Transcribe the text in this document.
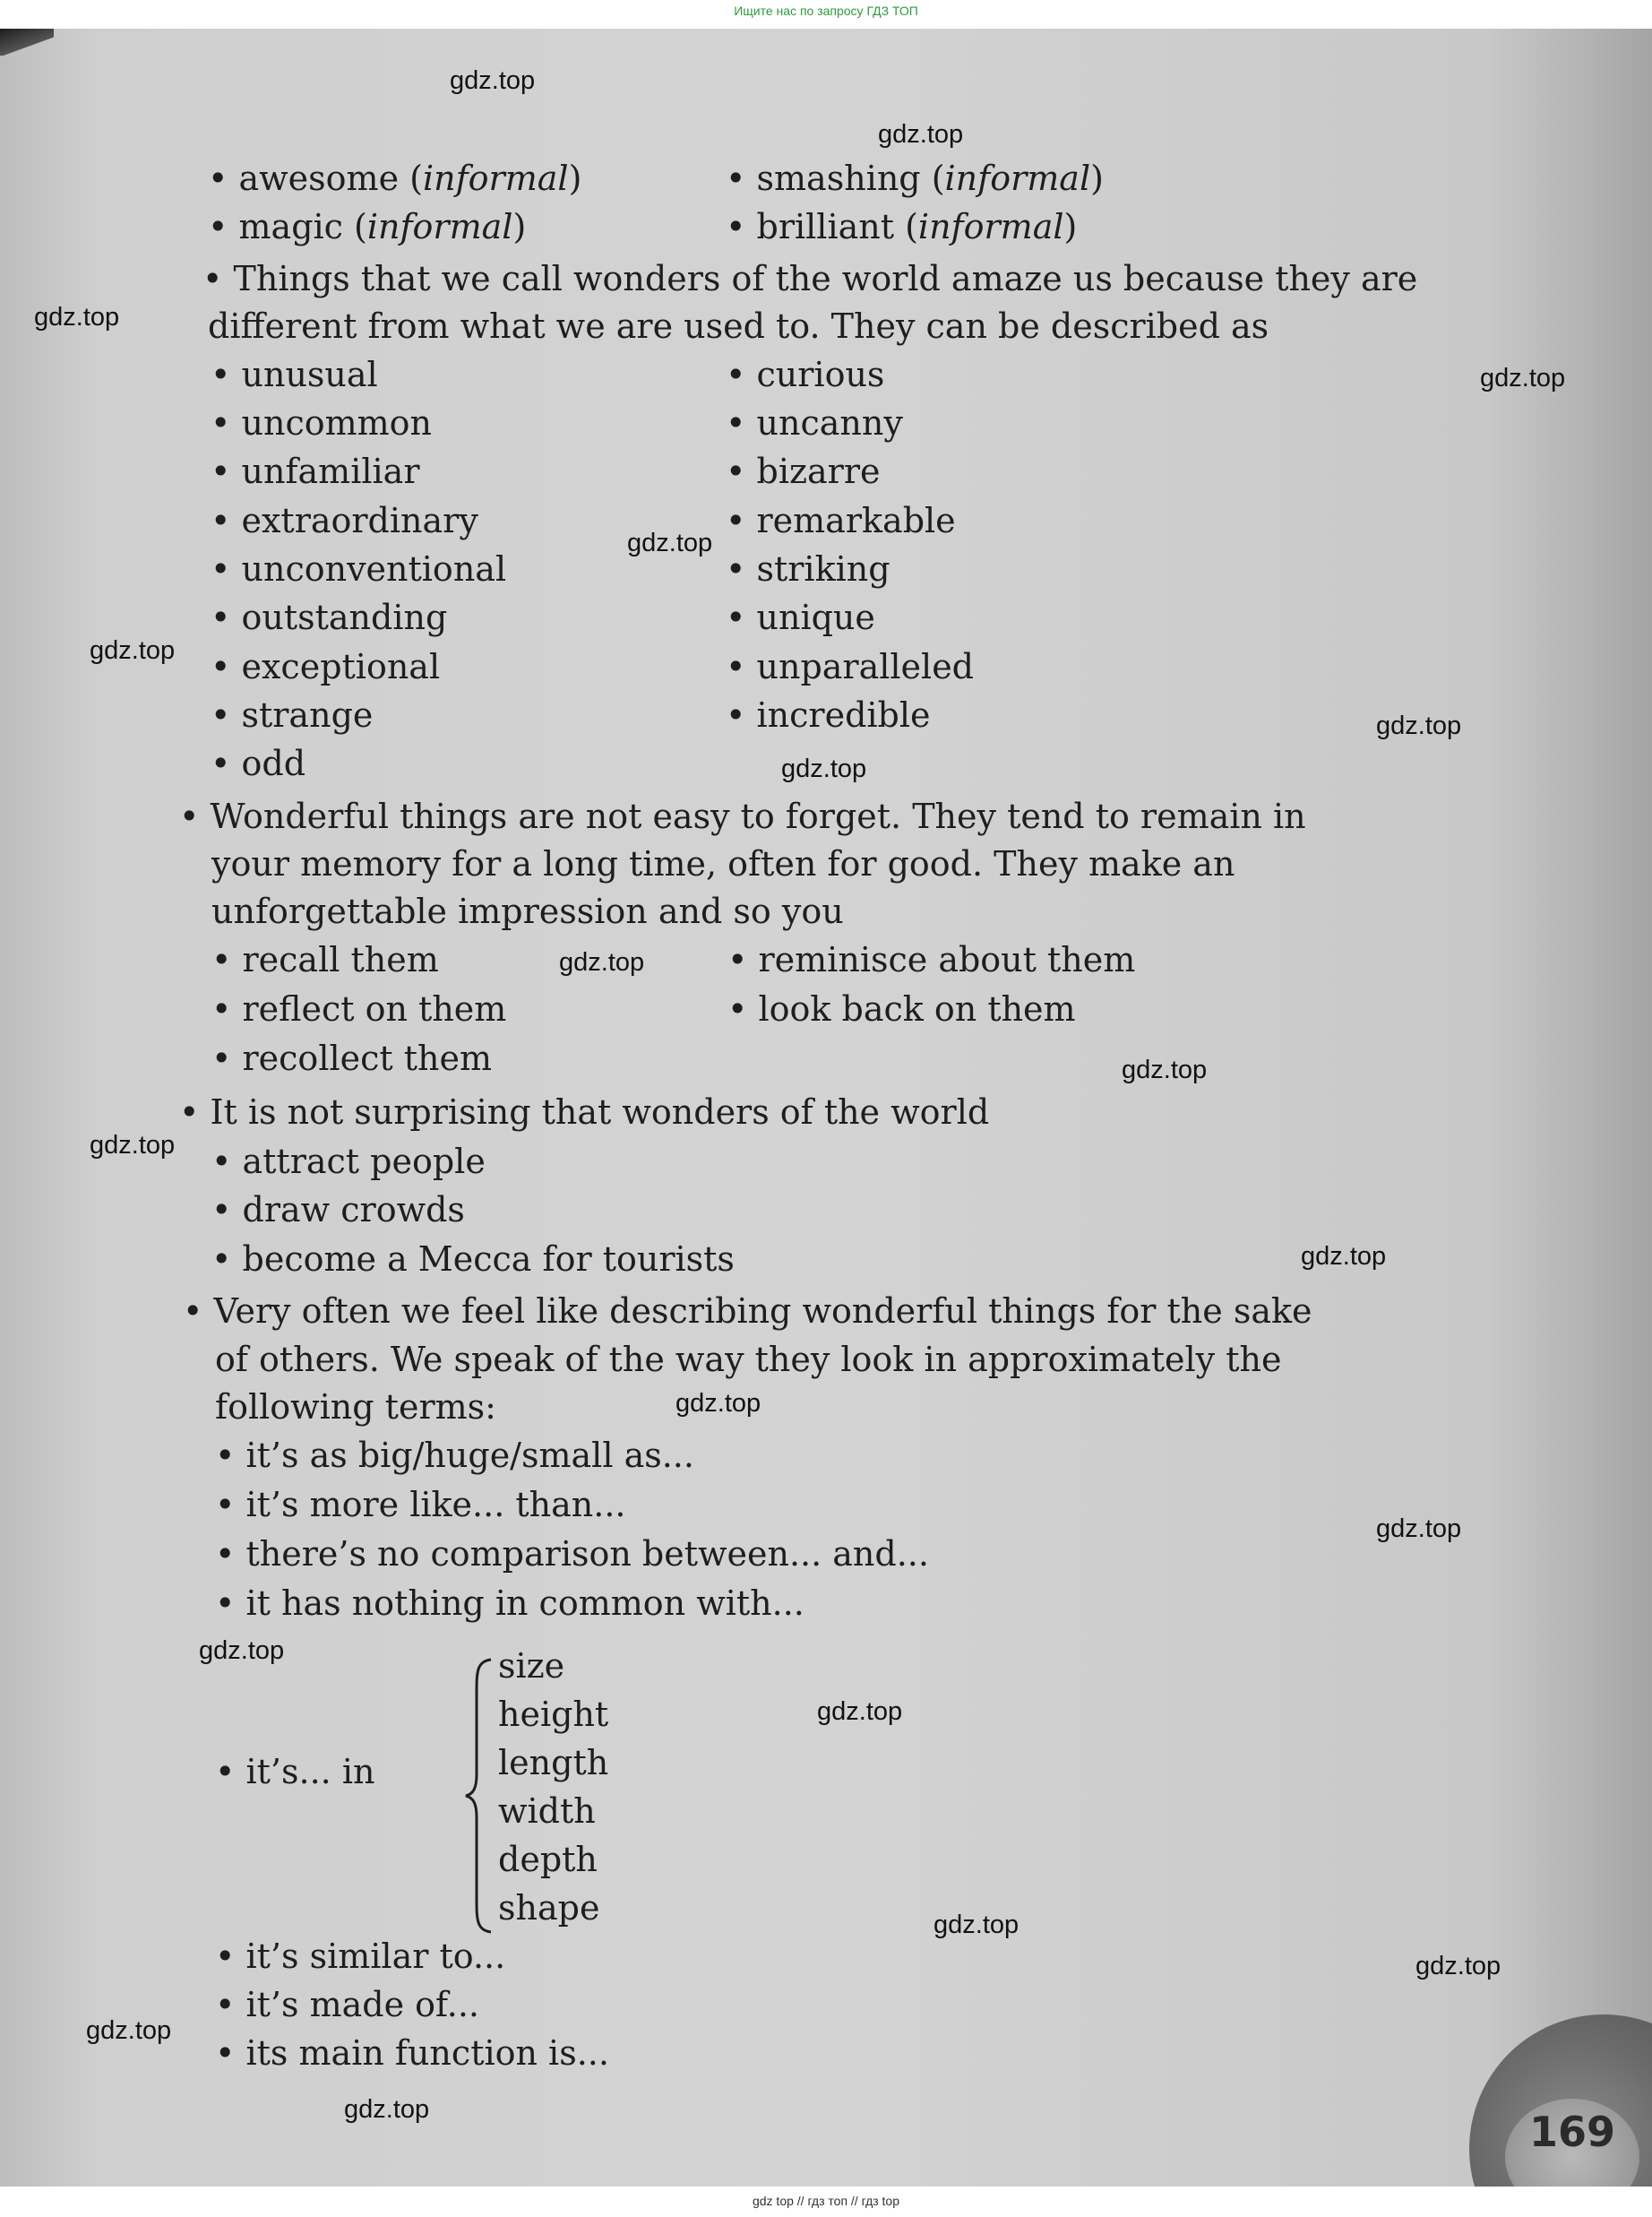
Ищите нас по запросу ГДЗ ТОП
• awesome (informal)
• magic (informal)
• smashing (informal)
• brilliant (informal)
• Things that we call wonders of the world amaze us because they are
different from what we are used to. They can be described as
• unusual
• uncommon
• unfamiliar
• extraordinary
• unconventional
• outstanding
• exceptional
• strange
• odd
• curious
• uncanny
• bizarre
• remarkable
• striking
• unique
• unparalleled
• incredible
• Wonderful things are not easy to forget. They tend to remain in
your memory for a long time, often for good. They make an
unforgettable impression and so you
• recall them
• reflect on them
• recollect them
• reminisce about them
• look back on them
• It is not surprising that wonders of the world
• attract people
• draw crowds
• become a Mecca for tourists
• Very often we feel like describing wonderful things for the sake
of others. We speak of the way they look in approximately the
following terms:
• it’s as big/huge/small as...
• it’s more like... than...
• there’s no comparison between... and...
• it has nothing in common with...
• it’s... in
size
height
length
width
depth
shape
• it’s similar to...
• it’s made of...
• its main function is...
169
gdz.top
gdz.top
gdz.top
gdz.top
gdz.top
gdz.top
gdz.top
gdz.top
gdz.top
gdz.top
gdz.top
gdz.top
gdz.top
gdz.top
gdz.top
gdz.top
gdz.top
gdz.top
gdz.top
gdz.top
gdz top // гдз топ // гдз top
